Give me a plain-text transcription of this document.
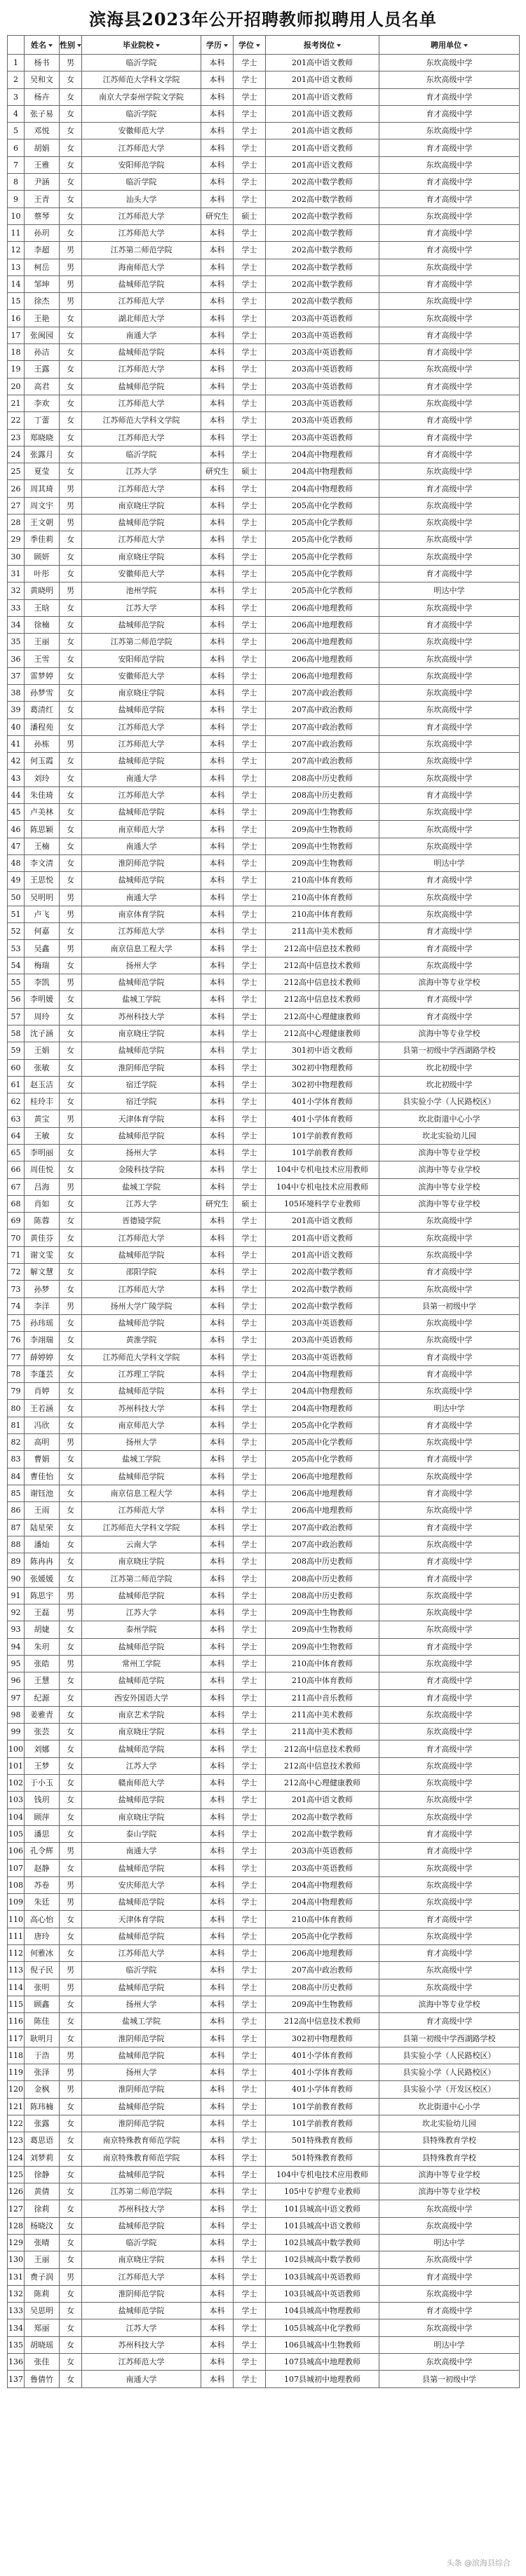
滨海县2023年公开招聘教师拟聘用人员名单
	姓名	性别	毕业院校	学历	学位	报考岗位	聘用单位
1	杨书	男	临沂学院	本科	学士	201高中语文教师	东坎高级中学
2	吴和文	女	江苏师范大学科文学院	本科	学士	201高中语文教师	东坎高级中学
3	杨卉	女	南京大学泰州学院文学院	本科	学士	201高中语文教师	育才高级中学
4	张子易	女	临沂学院	本科	学士	201高中语文教师	育才高级中学
5	邓悦	女	安徽师范大学	本科	学士	201高中语文教师	东坎高级中学
6	胡娟	女	江苏师范大学	本科	学士	201高中语文教师	育才高级中学
7	王雅	女	安阳师范学院	本科	学士	201高中语文教师	东坎高级中学
8	尹涵	女	临沂学院	本科	学士	202高中数学教师	育才高级中学
9	王青	女	汕头大学	本科	学士	202高中数学教师	育才高级中学
10	蔡琴	女	江苏师范大学	研究生	硕士	202高中数学教师	东坎高级中学
11	孙玥	女	江苏师范大学	本科	学士	202高中数学教师	育才高级中学
12	李超	男	江苏第二师范学院	本科	学士	202高中数学教师	育才高级中学
13	柯岳	男	海南师范大学	本科	学士	202高中数学教师	东坎高级中学
14	邹坤	男	盐城师范学院	本科	学士	202高中数学教师	育才高级中学
15	徐杰	男	江苏师范大学	本科	学士	202高中数学教师	东坎高级中学
16	王艳	女	湖北师范大学	本科	学士	203高中英语教师	东坎高级中学
17	张闽园	女	南通大学	本科	学士	203高中英语教师	育才高级中学
18	孙洁	女	盐城师范学院	本科	学士	203高中英语教师	育才高级中学
19	王露	女	江苏师范大学	本科	学士	203高中英语教师	东坎高级中学
20	高君	女	盐城师范学院	本科	学士	203高中英语教师	育才高级中学
21	李欢	女	江苏师范大学	本科	学士	203高中英语教师	东坎高级中学
22	丁蕾	女	江苏师范大学科文学院	本科	学士	203高中英语教师	育才高级中学
23	郑晓晓	女	江苏师范大学	本科	学士	203高中英语教师	育才高级中学
24	张露月	女	临沂学院	本科	学士	204高中物理教师	育才高级中学
25	夏莹	女	江苏大学	研究生	硕士	204高中物理教师	东坎高级中学
26	周其琦	男	江苏师范大学	本科	学士	204高中物理教师	育才高级中学
27	周文宇	男	南京晓庄学院	本科	学士	205高中化学教师	东坎高级中学
28	王文朝	男	盐城师范学院	本科	学士	205高中化学教师	东坎高级中学
29	季佳莉	女	江苏师范大学	本科	学士	205高中化学教师	东坎高级中学
30	顾妍	女	南京晓庄学院	本科	学士	205高中化学教师	东坎高级中学
31	叶彤	女	安徽师范大学	本科	学士	205高中化学教师	育才高级中学
32	黄晓明	男	池州学院	本科	学士	205高中化学教师	明达中学
33	王晗	女	江苏大学	本科	学士	206高中地理教师	东坎高级中学
34	徐楠	女	盐城师范学院	本科	学士	206高中地理教师	育才高级中学
35	王丽	女	江苏第二师范学院	本科	学士	206高中地理教师	东坎高级中学
36	王雪	女	安阳师范学院	本科	学士	206高中地理教师	东坎高级中学
37	雷梦婷	女	安徽师范大学	本科	学士	206高中地理教师	东坎高级中学
38	孙梦雪	女	南京晓庄学院	本科	学士	207高中政治教师	东坎高级中学
39	葛清红	女	盐城师范学院	本科	学士	207高中政治教师	东坎高级中学
40	潘程苑	女	江苏师范大学	本科	学士	207高中政治教师	育才高级中学
41	孙栋	男	江苏师范大学	本科	学士	207高中政治教师	东坎高级中学
42	何玉霞	女	盐城师范学院	本科	学士	207高中政治教师	东坎高级中学
43	刘玲	女	南通大学	本科	学士	208高中历史教师	东坎高级中学
44	朱佳琦	女	江苏师范大学	本科	学士	208高中历史教师	育才高级中学
45	卢美林	女	盐城师范学院	本科	学士	209高中生物教师	东坎高级中学
46	陈思颖	女	南京师范大学	本科	学士	209高中生物教师	东坎高级中学
47	王楠	女	南通大学	本科	学士	209高中生物教师	东坎高级中学
48	李文清	女	淮阴师范学院	本科	学士	209高中生物教师	明达中学
49	王思悦	女	盐城师范学院	本科	学士	210高中体育教师	育才高级中学
50	吴明明	男	南通大学	本科	学士	210高中体育教师	东坎高级中学
51	卢飞	男	南京体育学院	本科	学士	210高中体育教师	东坎高级中学
52	何嘉	女	江苏师范大学	本科	学士	211高中美术教师	育才高级中学
53	吴鑫	男	南京信息工程大学	本科	学士	212高中信息技术教师	育才高级中学
54	梅瑞	女	扬州大学	本科	学士	212高中信息技术教师	东坎高级中学
55	李凯	男	盐城师范学院	本科	学士	212高中信息技术教师	滨海中等专业学校
56	李明媛	女	盐城工学院	本科	学士	212高中信息技术教师	育才高级中学
57	周玲	女	苏州科技大学	本科	学士	212高中心理健康教师	育才高级中学
58	沈子涵	女	南京晓庄学院	本科	学士	212高中心理健康教师	滨海中等专业学校
59	王娟	女	盐城师范学院	本科	学士	301初中语文教师	县第一初级中学西湖路学校
60	张敏	女	淮阴师范学院	本科	学士	302初中物理教师	坎北初级中学
61	赵玉洁	女	宿迁学院	本科	学士	302初中物理教师	坎北初级中学
62	桂玲丰	女	宿迁学院	本科	学士	401小学体育教师	县实验小学（人民路校区）
63	黄宝	男	天津体育学院	本科	学士	401小学体育教师	坎北街道中心小学
64	王敏	女	盐城师范学院	本科	学士	101学前教育教师	坎北实验幼儿园
65	李明丽	女	扬州大学	本科	学士	101学前教育教师	滨海中等专业学校
66	周佳悦	女	金陵科技学院	本科	学士	104中专机电技术应用教师	滨海中等专业学校
67	吕海	男	盐城工学院	本科	学士	104中专机电技术应用教师	滨海中等专业学校
68	肖如	女	江苏大学	研究生	硕士	105环境科学专业教师	滨海中等专业学校
69	陈蓉	女	晋德镜学院	本科	学士	201高中语文教师	东坎高级中学
70	黄佳芬	女	江苏师范大学	本科	学士	201高中语文教师	东坎高级中学
71	谢文雯	女	盐城师范学院	本科	学士	201高中语文教师	东坎高级中学
72	解文慧	女	邵阳学院	本科	学士	202高中数学教师	育才高级中学
73	孙梦	女	江苏师范大学	本科	学士	202高中数学教师	东坎高级中学
74	李洋	男	扬州大学广陵学院	本科	学士	202高中数学教师	县第一初级中学
75	孙玮瑶	女	盐城师范学院	本科	学士	203高中英语教师	东坎高级中学
76	李翊瑞	女	黄淮学院	本科	学士	203高中英语教师	东坎高级中学
77	薛婷婷	女	江苏师范大学科文学院	本科	学士	203高中英语教师	育才高级中学
78	李蓬芸	女	江苏理工学院	本科	学士	204高中物理教师	育才高级中学
79	肖婷	女	盐城师范学院	本科	学士	204高中物理教师	东坎高级中学
80	王若涵	女	苏州科技大学	本科	学士	204高中物理教师	明达中学
81	冯欣	女	南京师范大学	本科	学士	205高中化学教师	育才高级中学
82	高明	男	扬州大学	本科	学士	205高中化学教师	东坎高级中学
83	曹娟	女	盐城工学院	本科	学士	205高中化学教师	育才高级中学
84	曹佳怡	女	盐城师范学院	本科	学士	206高中地理教师	东坎高级中学
85	谢钰池	女	南京信息工程大学	本科	学士	206高中地理教师	育才高级中学
86	王雨	女	江苏师范大学	本科	学士	206高中地理教师	东坎高级中学
87	陆星荣	女	江苏师范大学科文学院	本科	学士	207高中政治教师	育才高级中学
88	潘灿	女	云南大学	本科	学士	207高中政治教师	东坎高级中学
89	陈冉冉	女	南京晓庄学院	本科	学士	208高中历史教师	育才高级中学
90	张媛媛	女	江苏第二师范学院	本科	学士	208高中历史教师	育才高级中学
91	陈思宇	男	盐城师范学院	本科	学士	208高中历史教师	东坎高级中学
92	王磊	男	江苏大学	本科	学士	209高中生物教师	东坎高级中学
93	胡婕	女	泰州学院	本科	学士	209高中生物教师	东坎高级中学
94	朱玥	女	盐城师范学院	本科	学士	209高中生物教师	育才高级中学
95	张皓	男	常州工学院	本科	学士	210高中体育教师	东坎高级中学
96	王慧	女	盐城师范学院	本科	学士	210高中体育教师	育才高级中学
97	纪源	女	西安外国语大学	本科	学士	211高中音乐教师	育才高级中学
98	姜雅青	女	南京艺术学院	本科	学士	211高中美术教师	东坎高级中学
99	张芸	女	南京晓庄学院	本科	学士	211高中美术教师	东坎高级中学
100	刘娜	女	盐城师范学院	本科	学士	212高中信息技术教师	育才高级中学
101	王梦	女	江苏大学	本科	学士	212高中信息技术教师	东坎高级中学
102	于小玉	女	赣南师范大学	本科	学士	212高中心理健康教师	东坎高级中学
103	钱玥	女	盐城师范学院	本科	学士	201高中语文教师	东坎高级中学
104	顾萍	女	南京晓庄学院	本科	学士	202高中数学教师	东坎高级中学
105	潘思	女	泰山学院	本科	学士	202高中数学教师	育才高级中学
106	孔令辉	男	南通大学	本科	学士	203高中英语教师	育才高级中学
107	赵静	女	盐城师范学院	本科	学士	203高中英语教师	东坎高级中学
108	苏卷	男	安庆师范大学	本科	学士	204高中物理教师	东坎高级中学
109	朱廷	男	盐城师范学院	本科	学士	204高中物理教师	东坎高级中学
110	高心怡	女	天津体育学院	本科	学士	210高中体育教师	育才高级中学
111	唐玲	女	盐城师范学院	本科	学士	205高中化学教师	东坎高级中学
112	何雅冰	女	江苏师范大学	本科	学士	206高中地理教师	育才高级中学
113	倪子民	男	临沂学院	本科	学士	207高中政治教师	东坎高级中学
114	张明	男	盐城师范学院	本科	学士	208高中历史教师	东坎高级中学
115	顾鑫	女	扬州大学	本科	学士	209高中生物教师	滨海中等专业学校
116	陈佳	女	盐城工学院	本科	学士	212高中信息技术教师	育才高级中学
117	耿明月	女	淮阴师范学院	本科	学士	302初中物理教师	县第一初级中学西湖路学校
118	于浩	男	盐城师范学院	本科	学士	401小学体育教师	县实验小学（人民路校区）
119	张泽	男	扬州大学	本科	学士	401小学体育教师	县实验小学（人民路校区）
120	金枫	男	淮阴师范学院	本科	学士	401小学体育教师	县实验小学（开发区校区）
121	陈玮楠	女	盐城师范学院	本科	学士	101学前教育教师	坎北街道中心小学
122	张露	女	淮阴师范学院	本科	学士	101学前教育教师	坎北实验幼儿园
123	葛思语	女	南京特殊教育师范学院	本科	学士	501特殊教育教师	县特殊教育学校
124	刘梦莉	女	南京特殊教育师范学院	本科	学士	501特殊教育教师	县特殊教育学校
125	徐静	女	盐城师范学院	本科	学士	104中专机电技术应用教师	滨海中等专业学校
126	黄倩	女	江苏第二师范学院	本科	学士	105中专护理专业教师	滨海中等专业学校
127	徐莉	女	苏州科技大学	本科	学士	101县城高中语文教师	东坎高级中学
128	杨晓汶	女	盐城师范学院	本科	学士	101县城高中语文教师	东坎高级中学
129	张晴	女	临沂学院	本科	学士	102县城高中数学教师	明达中学
130	王丽	女	南京晓庄学院	本科	学士	102县城高中数学教师	东坎高级中学
131	费子润	男	江苏师范大学	本科	学士	103县城高中英语教师	育才高级中学
132	陈莉	女	淮阴师范学院	本科	学士	103县城高中英语教师	东坎高级中学
133	吴思明	女	盐城师范学院	本科	学士	104县城高中物理教师	育才高级中学
134	郑丽	女	江苏大学	本科	学士	105县城高中化学教师	东坎高级中学
135	胡晓瑶	女	苏州科技大学	本科	学士	106县城高中生物教师	明达中学
136	张佳	女	江苏师范大学	本科	学士	107县城高中地理教师	东坎高级中学
137	鲁倩竹	女	南通大学	本科	学士	107县城初中地理教师	县第一初级中学
头条 @滨海县综合
